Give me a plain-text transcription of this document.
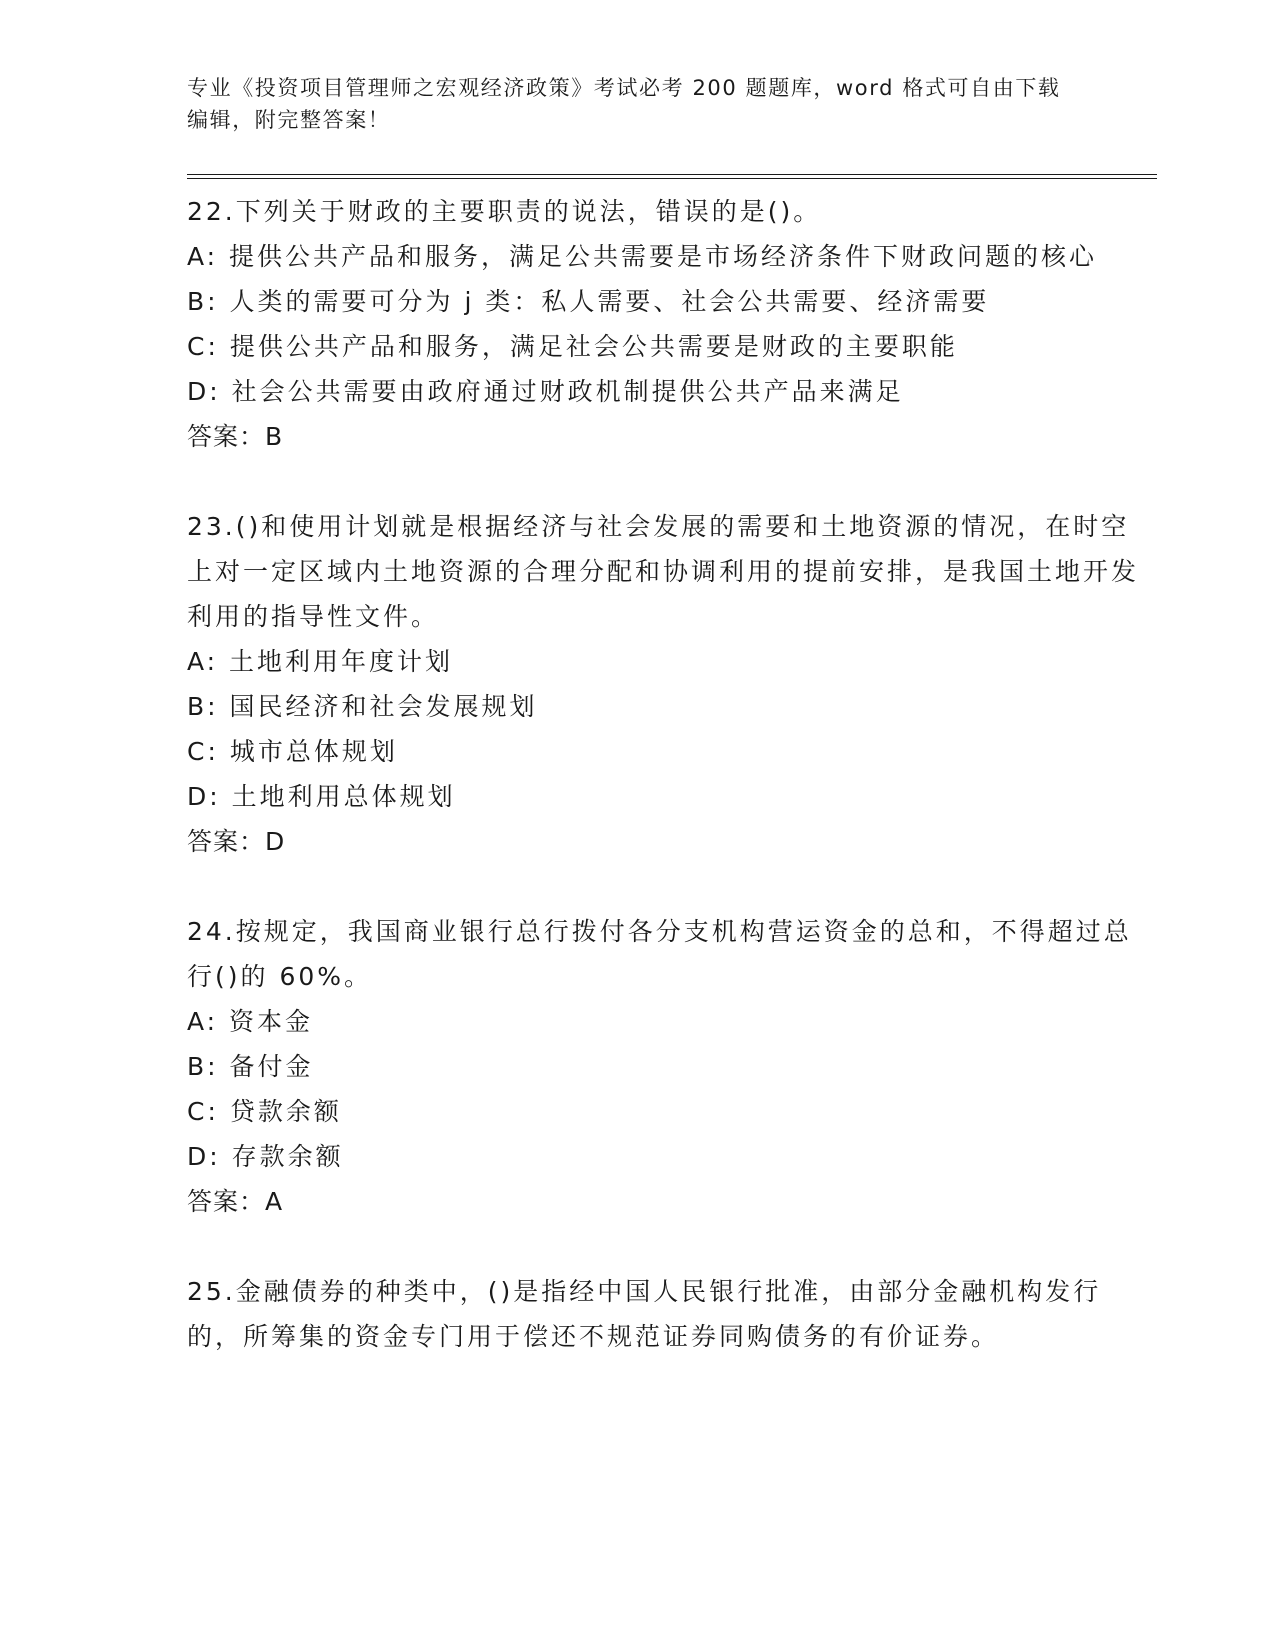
专业《投资项目管理师之宏观经济政策》考试必考 200 题题库，word 格式可自由下载编辑，附完整答案！
22.下列关于财政的主要职责的说法，错误的是()。
A: 提供公共产品和服务，满足公共需要是市场经济条件下财政问题的核心
B: 人类的需要可分为 j 类：私人需要、社会公共需要、经济需要
C: 提供公共产品和服务，满足社会公共需要是财政的主要职能
D: 社会公共需要由政府通过财政机制提供公共产品来满足
答案：B
23.()和使用计划就是根据经济与社会发展的需要和土地资源的情况，在时空上对一定区域内土地资源的合理分配和协调利用的提前安排，是我国土地开发利用的指导性文件。
A: 土地利用年度计划
B: 国民经济和社会发展规划
C: 城市总体规划
D: 土地利用总体规划
答案：D
24.按规定，我国商业银行总行拨付各分支机构营运资金的总和，不得超过总行()的 60%。
A: 资本金
B: 备付金
C: 贷款余额
D: 存款余额
答案：A
25.金融债券的种类中，()是指经中国人民银行批准，由部分金融机构发行的，所筹集的资金专门用于偿还不规范证券同购债务的有价证券。
